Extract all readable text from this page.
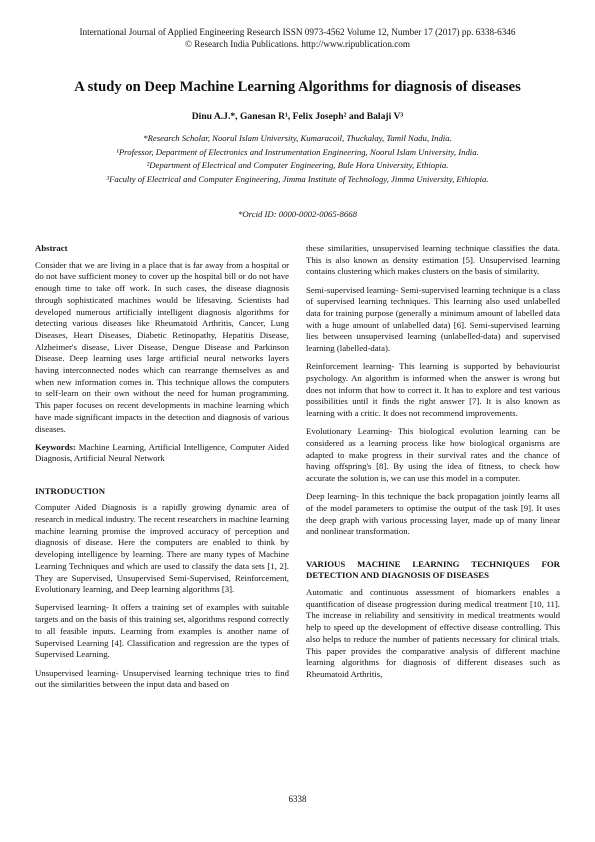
International Journal of Applied Engineering Research ISSN 0973-4562 Volume 12, Number 17 (2017) pp. 6338-6346
© Research India Publications. http://www.ripublication.com
A study on Deep Machine Learning Algorithms for diagnosis of diseases
Dinu A.J.*, Ganesan R¹, Felix Joseph² and Balaji V³
*Research Scholar, Noorul Islam University, Kumaracoil, Thuckalay, Tamil Nadu, India.
¹Professor, Department of Electronics and Instrumentation Engineering, Noorul Islam University, India.
²Department of Electrical and Computer Engineering, Bule Hora University, Ethiopia.
³Faculty of Electrical and Computer Engineering, Jimma Institute of Technology, Jimma University, Ethiopia.
*Orcid ID: 0000-0002-0065-8668
Abstract

Consider that we are living in a place that is far away from a hospital or do not have sufficient money to cover up the hospital bill or do not have enough time to take off work. In such cases, the disease diagnosis through sophisticated machines would be lifesaving. Scientists had developed numerous artificially intelligent diagnosis algorithms for detecting various diseases like Rheumatoid Arthritis, Cancer, Lung Diseases, Heart Diseases, Diabetic Retinopathy, Hepatitis Disease, Alzheimer's disease, Liver Disease, Dengue Disease and Parkinson Disease. Deep learning uses large artificial neural networks layers having interconnected nodes which can rearrange themselves as and when new information comes in. This technique allows the computers to self-learn on their own without the need for human programming. This paper focuses on recent developments in machine learning which have made significant impacts in the detection and diagnosis of various diseases.

Keywords: Machine Learning, Artificial Intelligence, Computer Aided Diagnosis, Artificial Neural Network

INTRODUCTION

Computer Aided Diagnosis is a rapidly growing dynamic area of research in medical industry. The recent researchers in machine learning machine learning promise the improved accuracy of perception and diagnosis of disease. Here the computers are enabled to think by developing intelligence by learning. There are many types of Machine Learning Techniques and which are used to classify the data sets [1, 2]. They are Supervised, Unsupervised Semi-Supervised, Reinforcement, Evolutionary learning, and Deep learning algorithms [3].

Supervised learning- It offers a training set of examples with suitable targets and on the basis of this training set, algorithms respond correctly to all feasible inputs. Learning from examples is another name of Supervised Learning [4]. Classification and regression are the types of Supervised Learning.

Unsupervised learning- Unsupervised learning technique tries to find out the similarities between the input data and based on

these similarities, unsupervised learning technique classifies the data. This is also known as density estimation [5]. Unsupervised learning contains clustering which makes clusters on the basis of similarity.

Semi-supervised learning- Semi-supervised learning technique is a class of supervised learning techniques. This learning also used unlabelled data for training purpose (generally a minimum amount of labelled data with a huge amount of unlabelled data) [6]. Semi-supervised learning lies between unsupervised learning (unlabelled-data) and supervised learning (labelled-data).

Reinforcement learning- This learning is supported by behaviourist psychology. An algorithm is informed when the answer is wrong but does not inform that how to correct it. It has to explore and test various possibilities until it finds the right answer [7]. It is also known as learning with a critic. It does not recommend improvements.

Evolutionary Learning- This biological evolution learning can be considered as a learning process like how biological organisms are adapted to make progress in their survival rates and the chance of having offspring's [8]. By using the idea of fitness, to check how accurate the solution is, we can use this model in a computer.

Deep learning- In this technique the back propagation jointly learns all of the model parameters to optimise the output of the task [9]. It uses the deep graph with various processing layer, made up of many linear and nonlinear transformation.

VARIOUS MACHINE LEARNING TECHNIQUES FOR DETECTION AND DIAGNOSIS OF DISEASES

Automatic and continuous assessment of biomarkers enables a quantification of disease progression during medical treatment [10, 11]. The increase in reliability and sensitivity in medical treatments would help to speed up the development of effective disease controlling. This also helps to reduce the number of patients necessary for clinical trials. This paper provides the comparative analysis of different machine learning algorithms for diagnosis of different diseases such as Rheumatoid Arthritis,

6338
